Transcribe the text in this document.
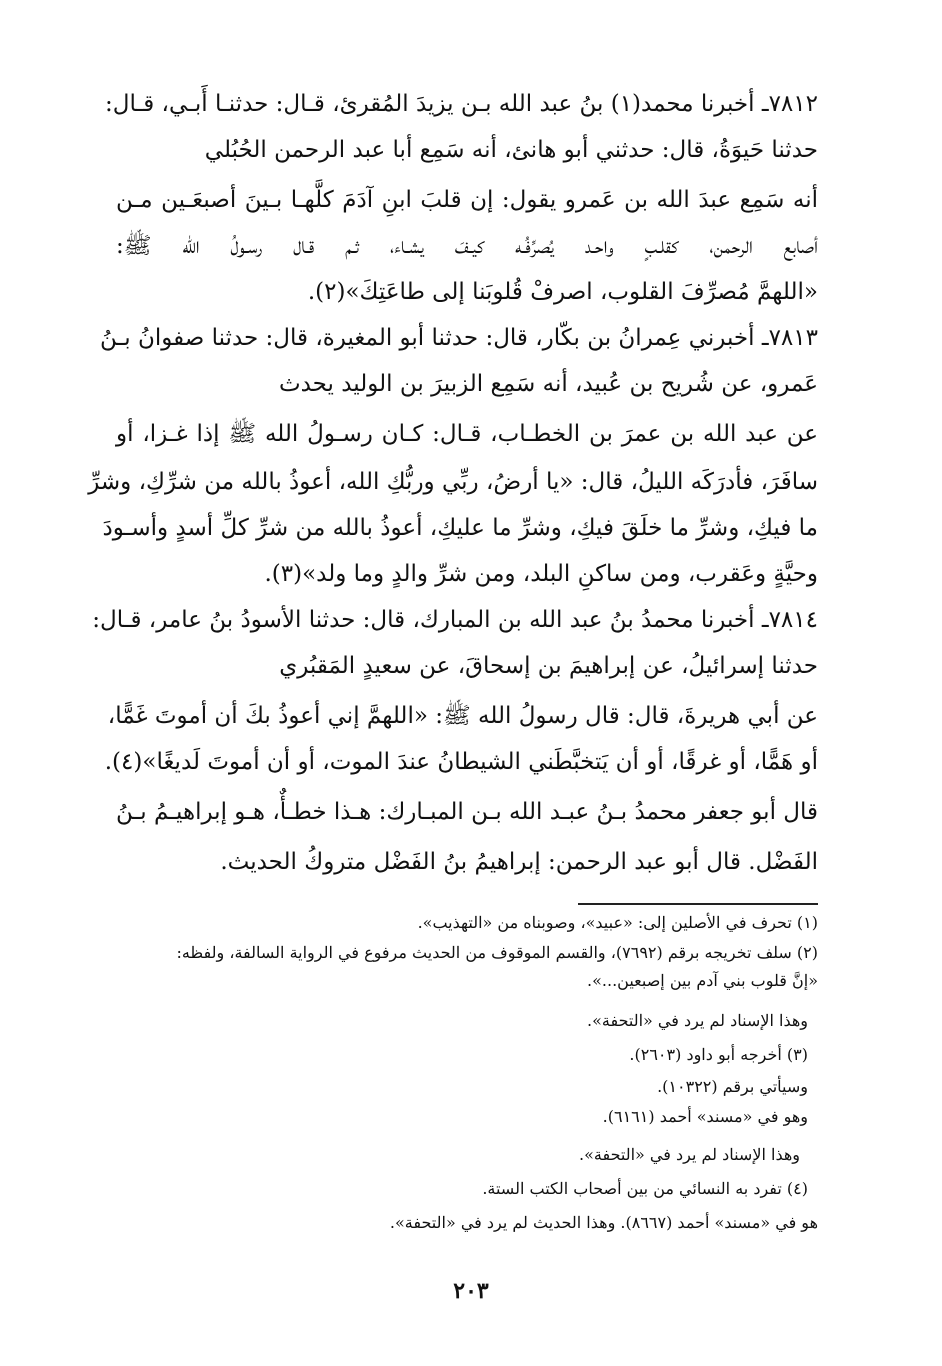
٧٨١٢ـ أخبرنا محمد(١) بنُ عبد الله بـن يزيدَ المُقرئ، قـال: حدثنـا أَبـي، قـال:
حدثنا حَيوَةُ، قال: حدثني أبو هانئ، أنه سَمِع أبا عبد الرحمن الحُبُلي
أنه سَمِع عبدَ الله بن عَمرو يقول: إن قلبَ ابنِ آدَمَ كلَّهـا بـينَ أصبعَـين مـن
أصابع الرحمن، كقلـبٍ واحـد يُصرِّفُـه كيـفَ يشـاء، ثـم قـال رسـولُ الله ﷺ:
«اللهمَّ مُصرِّفَ القلوب، اصرفْ قُلوبَنا إلى طاعَتِكَ»(٢).
٧٨١٣ـ أخبرني عِمرانُ بن بكّار، قال: حدثنا أبو المغيرة، قال: حدثنا صفوانُ بـنُ
عَمرو، عن شُريح بن عُبيد، أنه سَمِع الزبيرَ بن الوليد يحدث
عن عبد الله بن عمرَ بن الخطـاب، قـال: كـان رسـولُ الله ﷺ إذا غـزا، أو
سافَرَ، فأدرَكَه الليلُ، قال: «يا أرضُ، ربِّي وربُّكِ الله، أعوذُ بالله من شرِّكِ، وشرِّ
ما فيكِ، وشرِّ ما خلَقَ فيكِ، وشرِّ ما عليكِ، أعوذُ بالله من شرِّ كلِّ أسدٍ وأسـودَ
وحيَّةٍ وعَقرب، ومن ساكنِ البلد، ومن شرِّ والدٍ وما ولد»(٣).
٧٨١٤ـ أخبرنا محمدُ بنُ عبد الله بن المبارك، قال: حدثنا الأسودُ بنُ عامر، قـال:
حدثنا إسرائيلُ، عن إبراهيمَ بن إسحاقَ، عن سعيدٍ المَقبُري
عن أبي هريرةَ، قال: قال رسولُ الله ﷺ: «اللهمَّ إني أعوذُ بكَ أن أموتَ غَمًّا،
أو هَمًّا، أو غرقًا، أو أن يَتخبَّطَني الشيطانُ عندَ الموت، أو أن أموتَ لَديغًا»(٤).
قال أبو جعفر محمدُ بـنُ عبـد الله بـن المبـارك: هـذا خطـأٌ، هـو إبراهيـمُ بـنُ
الفَضْل. قال أبو عبد الرحمن: إبراهيمُ بنُ الفَضْل متروكُ الحديث.
(١) تحرف في الأصلين إلى: «عبيد»، وصوبناه من «التهذيب».
(٢) سلف تخريجه برقم (٧٦٩٢)، والقسم الموقوف من الحديث مرفوع في الرواية السالفة، ولفظه:
«إنَّ قلوب بني آدم بين إصبعين...».
وهذا الإسناد لم يرد في «التحفة».
(٣) أخرجه أبو داود (٢٦٠٣).
وسيأتي برقم (١٠٣٢٢).
وهو في «مسند» أحمد (٦١٦١).
وهذا الإسناد لم يرد في «التحفة».
(٤) تفرد به النسائي من بين أصحاب الكتب الستة.
هو في «مسند» أحمد (٨٦٦٧). وهذا الحديث لم يرد في «التحفة».
٢٠٣
